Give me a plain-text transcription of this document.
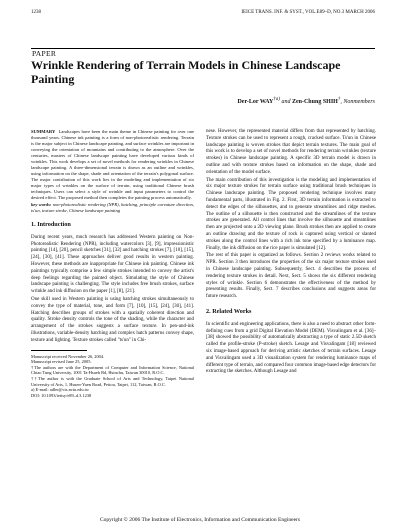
1238	IEICE TRANS. INF. & SYST., VOL.E89–D, NO.3 MARCH 2006
PAPER
Wrinkle Rendering of Terrain Models in Chinese Landscape Painting
Der-Lor WAY$^{\dagger a)}$ and Zen-Chung SHIH†, Nonmembers

SUMMARY Landscapes have been the main theme in Chinese painting for over one thousand years. Chinese ink painting is a form of non-photorealistic rendering. Terrain is the major subject in Chinese landscape painting, and surface wrinkles are important in conveying the orientation of mountains and contributing to the atmosphere. Over the centuries, masters of Chinese landscape painting have developed various kinds of wrinkles. This work develops a set of novel methods for rendering wrinkles in Chinese landscape painting. A three-dimensional terrain is drawn as an outline and wrinkles, using information on the shape, shade and orientation of the terrain's polygonal surface. The major contribution of this work lies in the modeling and implementation of six major types of wrinkles on the surface of terrain, using traditional Chinese brush techniques. Users can select a style of wrinkle and input parameters to control the desired effect. The proposed method then completes the painting process automatically.

key words: non-photorealistic rendering (NPR), hatching, principle curvature direction, ts'un, texture stroke, Chinese landscape painting

1. Introduction

During recent years, much research has addressed Western painting on Non-Photorealistic Rendering (NPR), including watercolors [3], [9], impressionistic painting [14], [20], pencil sketches [31], [32] and hatching strokes [7], [10], [15], [24], [30], [41]. These approaches deliver good results in western painting. However, these methods are inappropriate for Chinese ink painting. Chinese ink paintings typically comprise a few simple strokes intended to convey the artist's deep feelings regarding the painted object. Simulating the style of Chinese landscape painting is challenging. The style includes free brush strokes, surface wrinkle and ink diffusion on the paper [1], [8], [21].

One skill used in Western painting is using hatching strokes simultaneously to convey the type of material, tone, and form [7], [10], [15], [24], [30], [41]. Hatching describes groups of strokes with a spatially coherent direction and quality. Stroke density controls the tone of the shading, while the character and arrangement of the strokes suggests a surface texture. In pen-and-ink illustrations, variable-density hatching and complex hatch patterns convey shape, texture and lighting. Texture strokes called "ts'un" in Chi-

Manuscript received November 26, 2004.
Manuscript revised June 25, 2005.
†The authors are with the Department of Computer and Information Science, National Chiao Tung University, 1001 Ta-Hsueh Rd, Hsinchu, Taiwan 30010, R.O.C.
††The author is with the Graduate School of Arts and Technology, Taipei National University of Arts, 1, Hsuen-Yuen Road, Peitou, Taipei, 112, Taiwan, R.O.C.
a) E-mail: adler@cis.nctu.edu.tw
DOI: 10.1093/ietisy/e89–d.3.1238

nese. However, the represented material differs from that represented by hatching. Texture strokes can be used to represent a rough, cracked surface. Ts'un in Chinese landscape painting is woven strokes that depict terrain textures. The main goal of this work is to develop a set of novel methods for rendering terrain wrinkles (texture strokes) in Chinese landscape painting. A specific 3D terrain model is drawn in outline and with texture strokes based on information on the shape, shade and orientation of the model surface.

The main contribution of this investigation is the modeling and implementation of six major texture strokes for terrain surface using traditional brush techniques in Chinese landscape painting. The proposed rendering technique involves many fundamental parts, illustrated in Fig. 2. First, 3D terrain information is extracted to detect the edges of the silhouettes, and to generate streamlines and ridge meshes. The outline of a silhouette is then constructed and the streamlines of the texture strokes are generated. All control lines that involve the silhouette and streamlines then are projected onto a 2D viewing plane. Brush strokes then are applied to create an outline drawing and the texture of rock is captured using vertical or slanted strokes along the control lines with a rich ink tone specified by a luminance map. Finally, the ink diffusion on the rice paper is simulated [12].

The rest of this paper is organized as follows. Section 2 reviews works related to NPR. Section 3 then introduces the properties of the six major texture strokes used in Chinese landscape painting. Subsequently, Sect. 4 describes the process of rendering texture strokes in detail. Next, Sect. 5 shows the six different rendering styles of wrinkle. Section 6 demonstrates the effectiveness of the method by presenting results. Finally, Sect. 7 describes conclusions and suggests areas for future research.

2. Related Works

In scientific and engineering applications, there is also a need to abstract other form-defining cues from a grid Digital Elevation Model (DEM). Visvalingam et al. [36]–[38] showed the possibility of automatically abstracting a type of static 2.5D sketch called the profile-stroke (P-stroke) sketch. Lesage and Visvalingam [18] reviewed six image-based approach for deriving artistic sketches of terrain surfaces. Lesage and Visvalingam used a 3D visualization system for rendering luminance maps of different type of terrain, and compared four common image-based edge detectors for extracting the sketches. Although Lesage and

Copyright © 2006 The Institute of Electronics, Information and Communication Engineers
